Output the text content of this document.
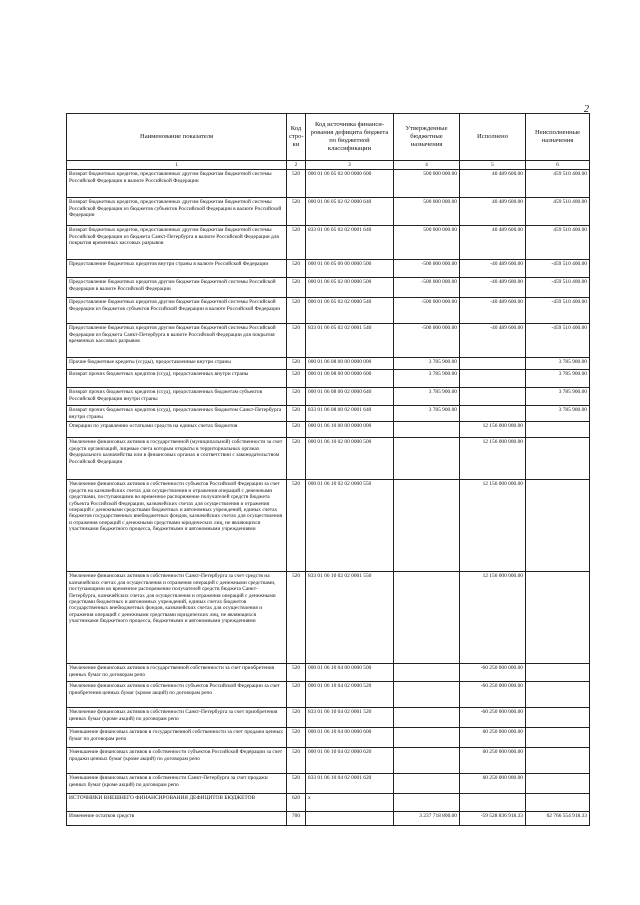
2
Наименование показателя	Код стро-ки	Код источника финанси-рования дефицита бюджета по бюджетной классификации	Утвержденные бюджетные назначения	Исполнено	Неисполненные назначения
1	2	3	4	5	6
Возврат бюджетных кредитов, предоставленных другим бюджетам бюджетной системы Российской Федерации в валюте Российской Федерации	520	000 01 06 05 02 00 0000 600	500 000 000.00	40 489 600.00	459 510 400.00
Возврат бюджетных кредитов, предоставленных другим бюджетам бюджетной системы Российской Федерации из бюджетов субъектов Российской Федерации в валюте Российской Федерации	520	000 01 06 05 02 02 0000 640	500 000 000.00	40 489 600.00	459 510 400.00
Возврат бюджетных кредитов, предоставленных другим бюджетам бюджетной системы Российской Федерации из бюджета Санкт-Петербурга в валюте Российской Федерации для покрытия временных кассовых разрывов	520	833 01 06 05 02 02 0001 640	500 000 000.00	40 489 600.00	459 510 400.00
Предоставление бюджетных кредитов внутри страны в валюте Российской Федерации	520	000 01 06 05 00 00 0000 500	-500 000 000.00	-40 489 600.00	-459 510 400.00
Предоставление бюджетных кредитов другим бюджетам бюджетной системы Российской Федерации в валюте Российской Федерации	520	000 01 06 05 02 00 0000 500	-500 000 000.00	-40 489 600.00	-459 510 400.00
Предоставление бюджетных кредитов другим бюджетам бюджетной системы Российской Федерации из бюджетов субъектов Российской Федерации в валюте Российской Федерации	520	000 01 06 05 02 02 0000 540	-500 000 000.00	-40 489 600.00	-459 510 400.00
Предоставление бюджетных кредитов другим бюджетам бюджетной системы Российской Федерации из бюджета Санкт-Петербурга в валюте Российской Федерации для покрытия временных кассовых разрывов	520	833 01 06 05 02 02 0001 540	-500 000 000.00	-40 489 600.00	-459 510 400.00
Прочие бюджетные кредиты (ссуды), предоставленные внутри страны	520	000 01 06 08 00 00 0000 000	3 785 900.00		3 785 900.00
Возврат прочих бюджетных кредитов (ссуд), предоставленных внутри страны	520	000 01 06 08 00 00 0000 600	3 785 900.00		3 785 900.00
Возврат прочих бюджетных кредитов (ссуд), предоставленных бюджетам субъектов Российской Федерации внутри страны	520	000 01 06 08 00 02 0000 640	3 785 900.00		3 785 900.00
Возврат прочих бюджетных кредитов (ссуд), предоставленных бюджетом Санкт-Петербурга внутри страны	520	833 01 06 08 00 02 0001 640	3 785 900.00		3 785 900.00
Операции по управлению остатками средств на единых счетах бюджетов	520	000 01 06 10 00 00 0000 000		12 156 000 000.00	
Увеличение финансовых активов в государственной (муниципальной) собственности за счет средств организаций, лицевые счета которым открыты в территориальных органах Федерального казначейства или в финансовых органах в соответствии с законодательством Российской Федерации	520	000 01 06 10 02 00 0000 500		12 156 000 000.00	
Увеличение финансовых активов в собственности субъектов Российской Федерации за счет средств на казначейских счетах для осуществления и отражения операций с денежными средствами, поступающими во временное распоряжение получателей средств бюджета субъекта Российской Федерации, казначейских счетах для осуществления и отражения операций с денежными средствами бюджетных и автономных учреждений, единых счетах бюджетов государственных внебюджетных фондов, казначейских счетах для осуществления и отражения операций с денежными средствами юридических лиц, не являющихся участниками бюджетного процесса, бюджетными и автономными учреждениями	520	000 01 06 10 02 02 0000 550		12 156 000 000.00	
Увеличение финансовых активов в собственности Санкт-Петербурга за счет средств на казначейских счетах для осуществления и отражения операций с денежными средствами, поступающими во временное распоряжение получателей средств бюджета Санкт-Петербурга, казначейских счетах для осуществления и отражения операций с денежными средствами бюджетных и автономных учреждений, единых счетах бюджетов государственных внебюджетных фондов, казначейских счетах для осуществления и отражения операций с денежными средствами юридических лиц, не являющихся участниками бюджетного процесса, бюджетными и автономными учреждениями	520	833 01 06 10 02 02 0001 550		12 156 000 000.00	
Увеличение финансовых активов в государственной собственности за счет приобретения ценных бумаг по договорам репо	520	000 01 06 10 04 00 0000 500		-60 250 000 000.00	
Увеличение финансовых активов в собственности субъектов Российской Федерации за счет приобретения ценных бумаг (кроме акций) по договорам репо	520	000 01 06 10 04 02 0000 520		-60 250 000 000.00	
Увеличение финансовых активов в собственности Санкт-Петербурга за счет приобретения ценных бумаг (кроме акций) по договорам репо	520	833 01 06 10 04 02 0001 520		-60 250 000 000.00	
Уменьшение финансовых активов в государственной собственности за счет продажи ценных бумаг по договорам репо	520	000 01 06 10 04 00 0000 600		60 250 000 000.00	
Уменьшение финансовых активов в собственности субъектов Российской Федерации за счет продажи ценных бумаг (кроме акций) по договорам репо	520	000 01 06 10 04 02 0000 620		60 250 000 000.00	
Уменьшение финансовых активов в собственности Санкт-Петербурга за счет продажи ценных бумаг (кроме акций) по договорам репо	520	833 01 06 10 04 02 0001 620		60 250 000 000.00	
ИСТОЧНИКИ ВНЕШНЕГО ФИНАНСИРОВАНИЯ ДЕФИЦИТОВ БЮДЖЕТОВ	620	x			
Изменение остатков средств	700		3 237 718 800.00	-59 528 836 918.33	62 766 554 918.33
